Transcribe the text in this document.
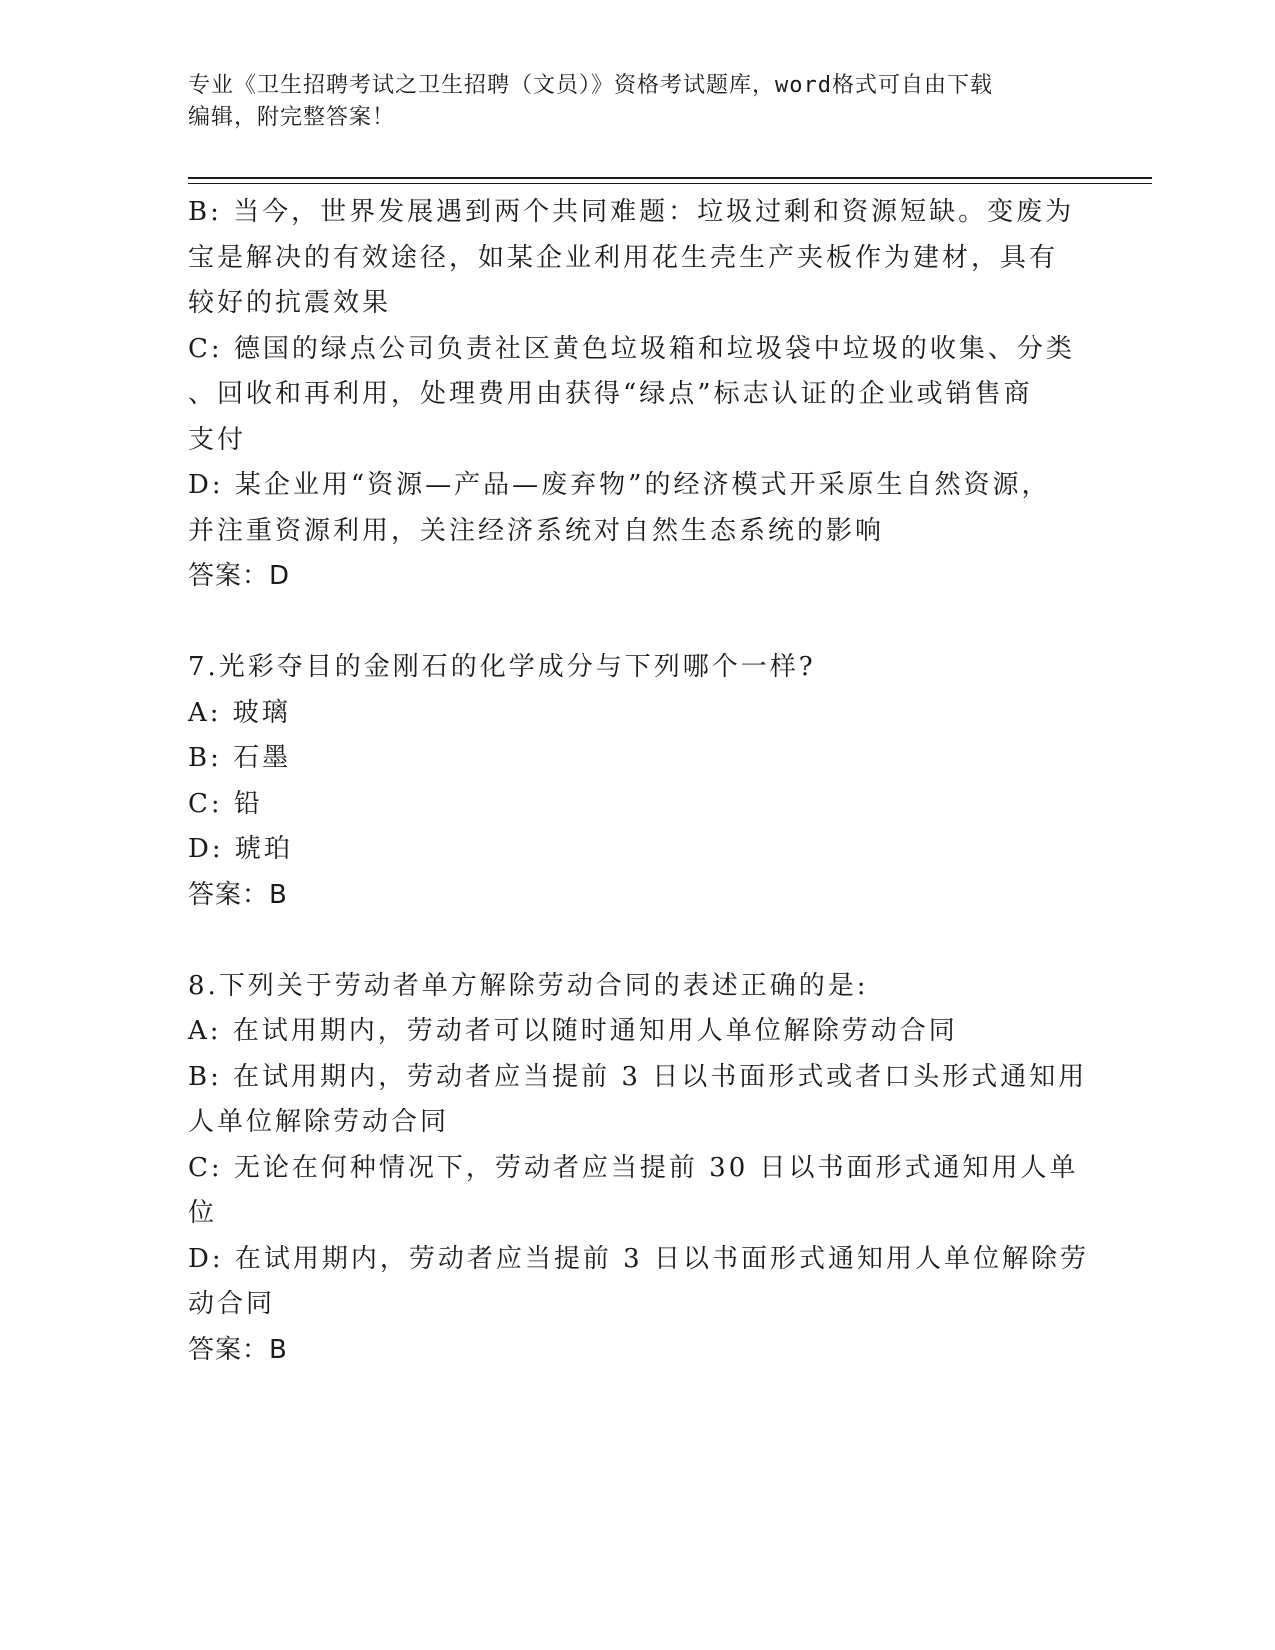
专业《卫生招聘考试之卫生招聘（文员）》资格考试题库，word格式可自由下载
编辑，附完整答案！
B: 当今，世界发展遇到两个共同难题：垃圾过剩和资源短缺。变废为
宝是解决的有效途径，如某企业利用花生壳生产夹板作为建材，具有
较好的抗震效果
C: 德国的绿点公司负责社区黄色垃圾箱和垃圾袋中垃圾的收集、分类
、回收和再利用，处理费用由获得“绿点”标志认证的企业或销售商
支付
D: 某企业用“资源—产品—废弃物”的经济模式开采原生自然资源，
并注重资源利用，关注经济系统对自然生态系统的影响
答案：D
7.光彩夺目的金刚石的化学成分与下列哪个一样?
A: 玻璃
B: 石墨
C: 铅
D: 琥珀
答案：B
8.下列关于劳动者单方解除劳动合同的表述正确的是:
A: 在试用期内，劳动者可以随时通知用人单位解除劳动合同
B: 在试用期内，劳动者应当提前 3 日以书面形式或者口头形式通知用
人单位解除劳动合同
C: 无论在何种情况下，劳动者应当提前 30 日以书面形式通知用人单
位
D: 在试用期内，劳动者应当提前 3 日以书面形式通知用人单位解除劳
动合同
答案：B
